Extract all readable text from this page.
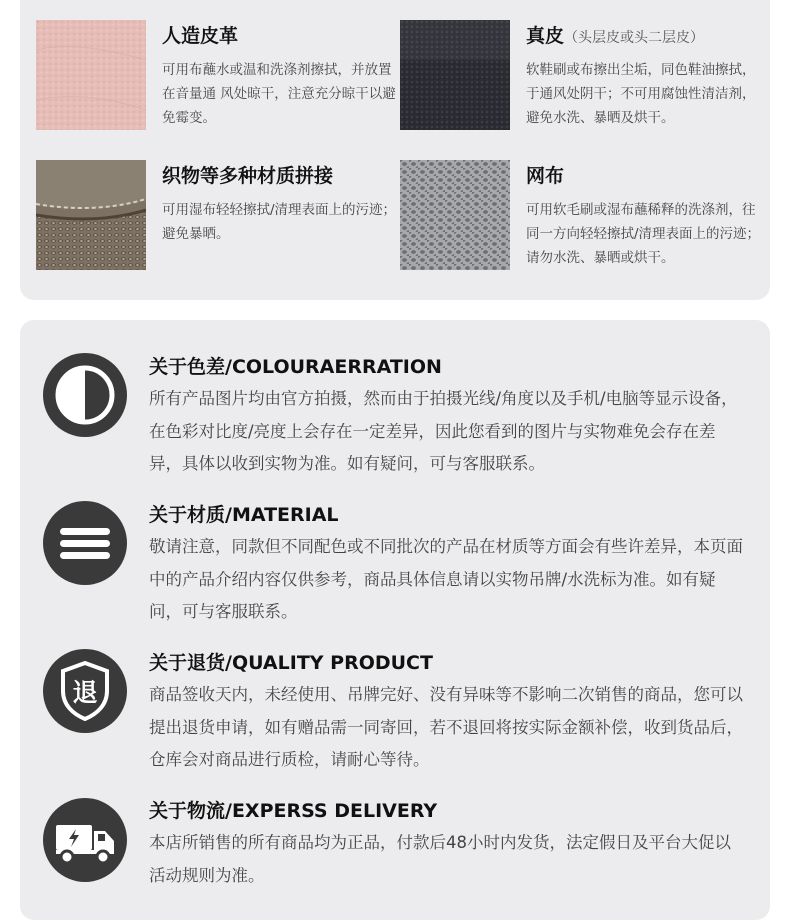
人造皮革
可用布蘸水或温和洗涤剂擦拭，并放置在音量通 风处晾干，注意充分晾干以避免霉变。
真皮（头层皮或头二层皮）
软鞋刷或布擦出尘垢，同色鞋油擦拭，于通风处阴干；不可用腐蚀性清洁剂，避免水洗、暴晒及烘干。
织物等多种材质拼接
可用湿布轻轻擦拭/清理表面上的污迹；避免暴晒。
网布
可用软毛刷或湿布蘸稀释的洗涤剂，往同一方向轻轻擦拭/清理表面上的污迹；请勿水洗、暴晒或烘干。
关于色差/COLOURAERRATION
所有产品图片均由官方拍摄，然而由于拍摄光线/角度以及手机/电脑等显示设备，在色彩对比度/亮度上会存在一定差异，因此您看到的图片与实物难免会存在差异，具体以收到实物为准。如有疑问，可与客服联系。
关于材质/MATERIAL
敬请注意，同款但不同配色或不同批次的产品在材质等方面会有些许差异，本页面中的产品介绍内容仅供参考，商品具体信息请以实物吊牌/水洗标为准。如有疑问，可与客服联系。
退
关于退货/QUALITY PRODUCT
商品签收天内，未经使用、吊牌完好、没有异味等不影响二次销售的商品，您可以提出退货申请，如有赠品需一同寄回，若不退回将按实际金额补偿，收到货品后，仓库会对商品进行质检，请耐心等待。
关于物流/EXPERSS DELIVERY
本店所销售的所有商品均为正品，付款后48小时内发货，法定假日及平台大促以活动规则为准。
